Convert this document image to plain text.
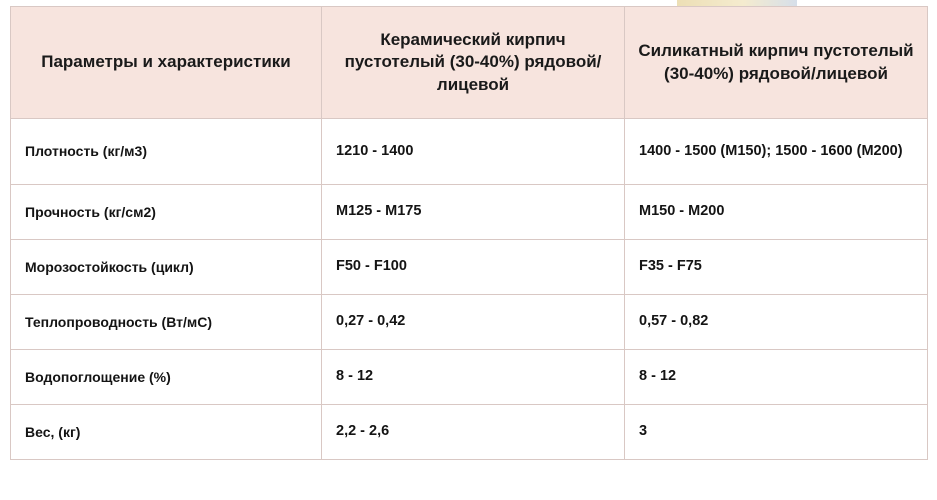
Параметры и характеристики	Керамический кирпич пустотелый (30-40%) рядовой/лицевой	Силикатный кирпич пустотелый (30-40%) рядовой/лицевой
Плотность (кг/м3)	1210 - 1400	1400 - 1500 (М150); 1500 - 1600 (М200)
Прочность (кг/см2)	М125 - М175	М150 - М200
Морозостойкость (цикл)	F50 - F100	F35 - F75
Теплопроводность (Вт/мС)	0,27 - 0,42	0,57 - 0,82
Водопоглощение (%)	8 - 12	8 - 12
Вес, (кг)	2,2 - 2,6	3
